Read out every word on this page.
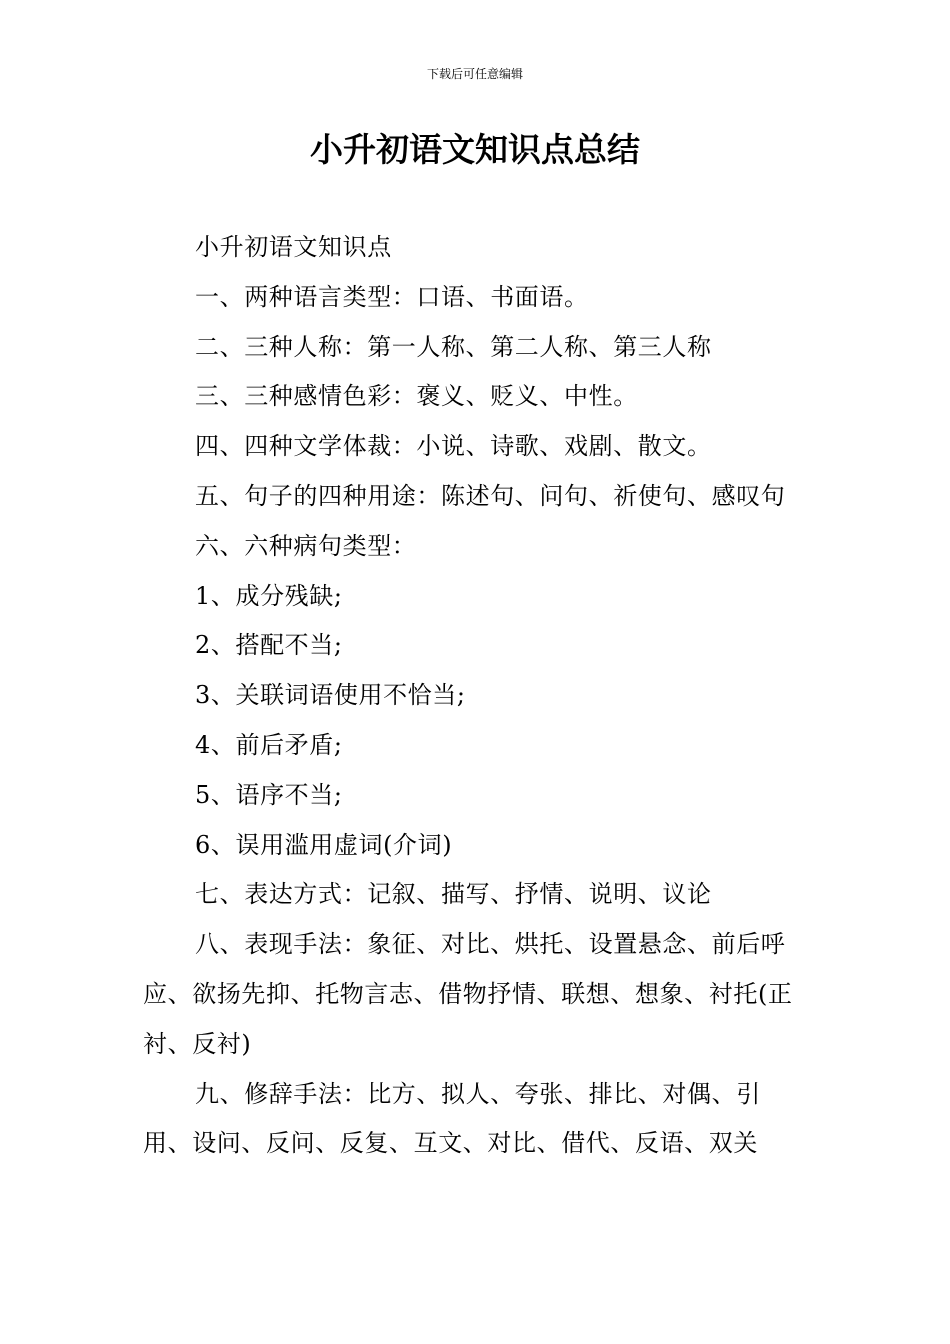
下载后可任意编辑
小升初语文知识点总结

小升初语文知识点

一、两种语言类型：口语、书面语。

二、三种人称：第一人称、第二人称、第三人称

三、三种感情色彩：褒义、贬义、中性。

四、四种文学体裁：小说、诗歌、戏剧、散文。

五、句子的四种用途：陈述句、问句、祈使句、感叹句

六、六种病句类型：

1、成分残缺;

2、搭配不当;

3、关联词语使用不恰当;

4、前后矛盾;

5、语序不当;

6、误用滥用虚词(介词)

七、表达方式：记叙、描写、抒情、说明、议论

八、表现手法：象征、对比、烘托、设置悬念、前后呼应、欲扬先抑、托物言志、借物抒情、联想、想象、衬托(正衬、反衬)

九、修辞手法：比方、拟人、夸张、排比、对偶、引用、设问、反问、反复、互文、对比、借代、反语、双关
